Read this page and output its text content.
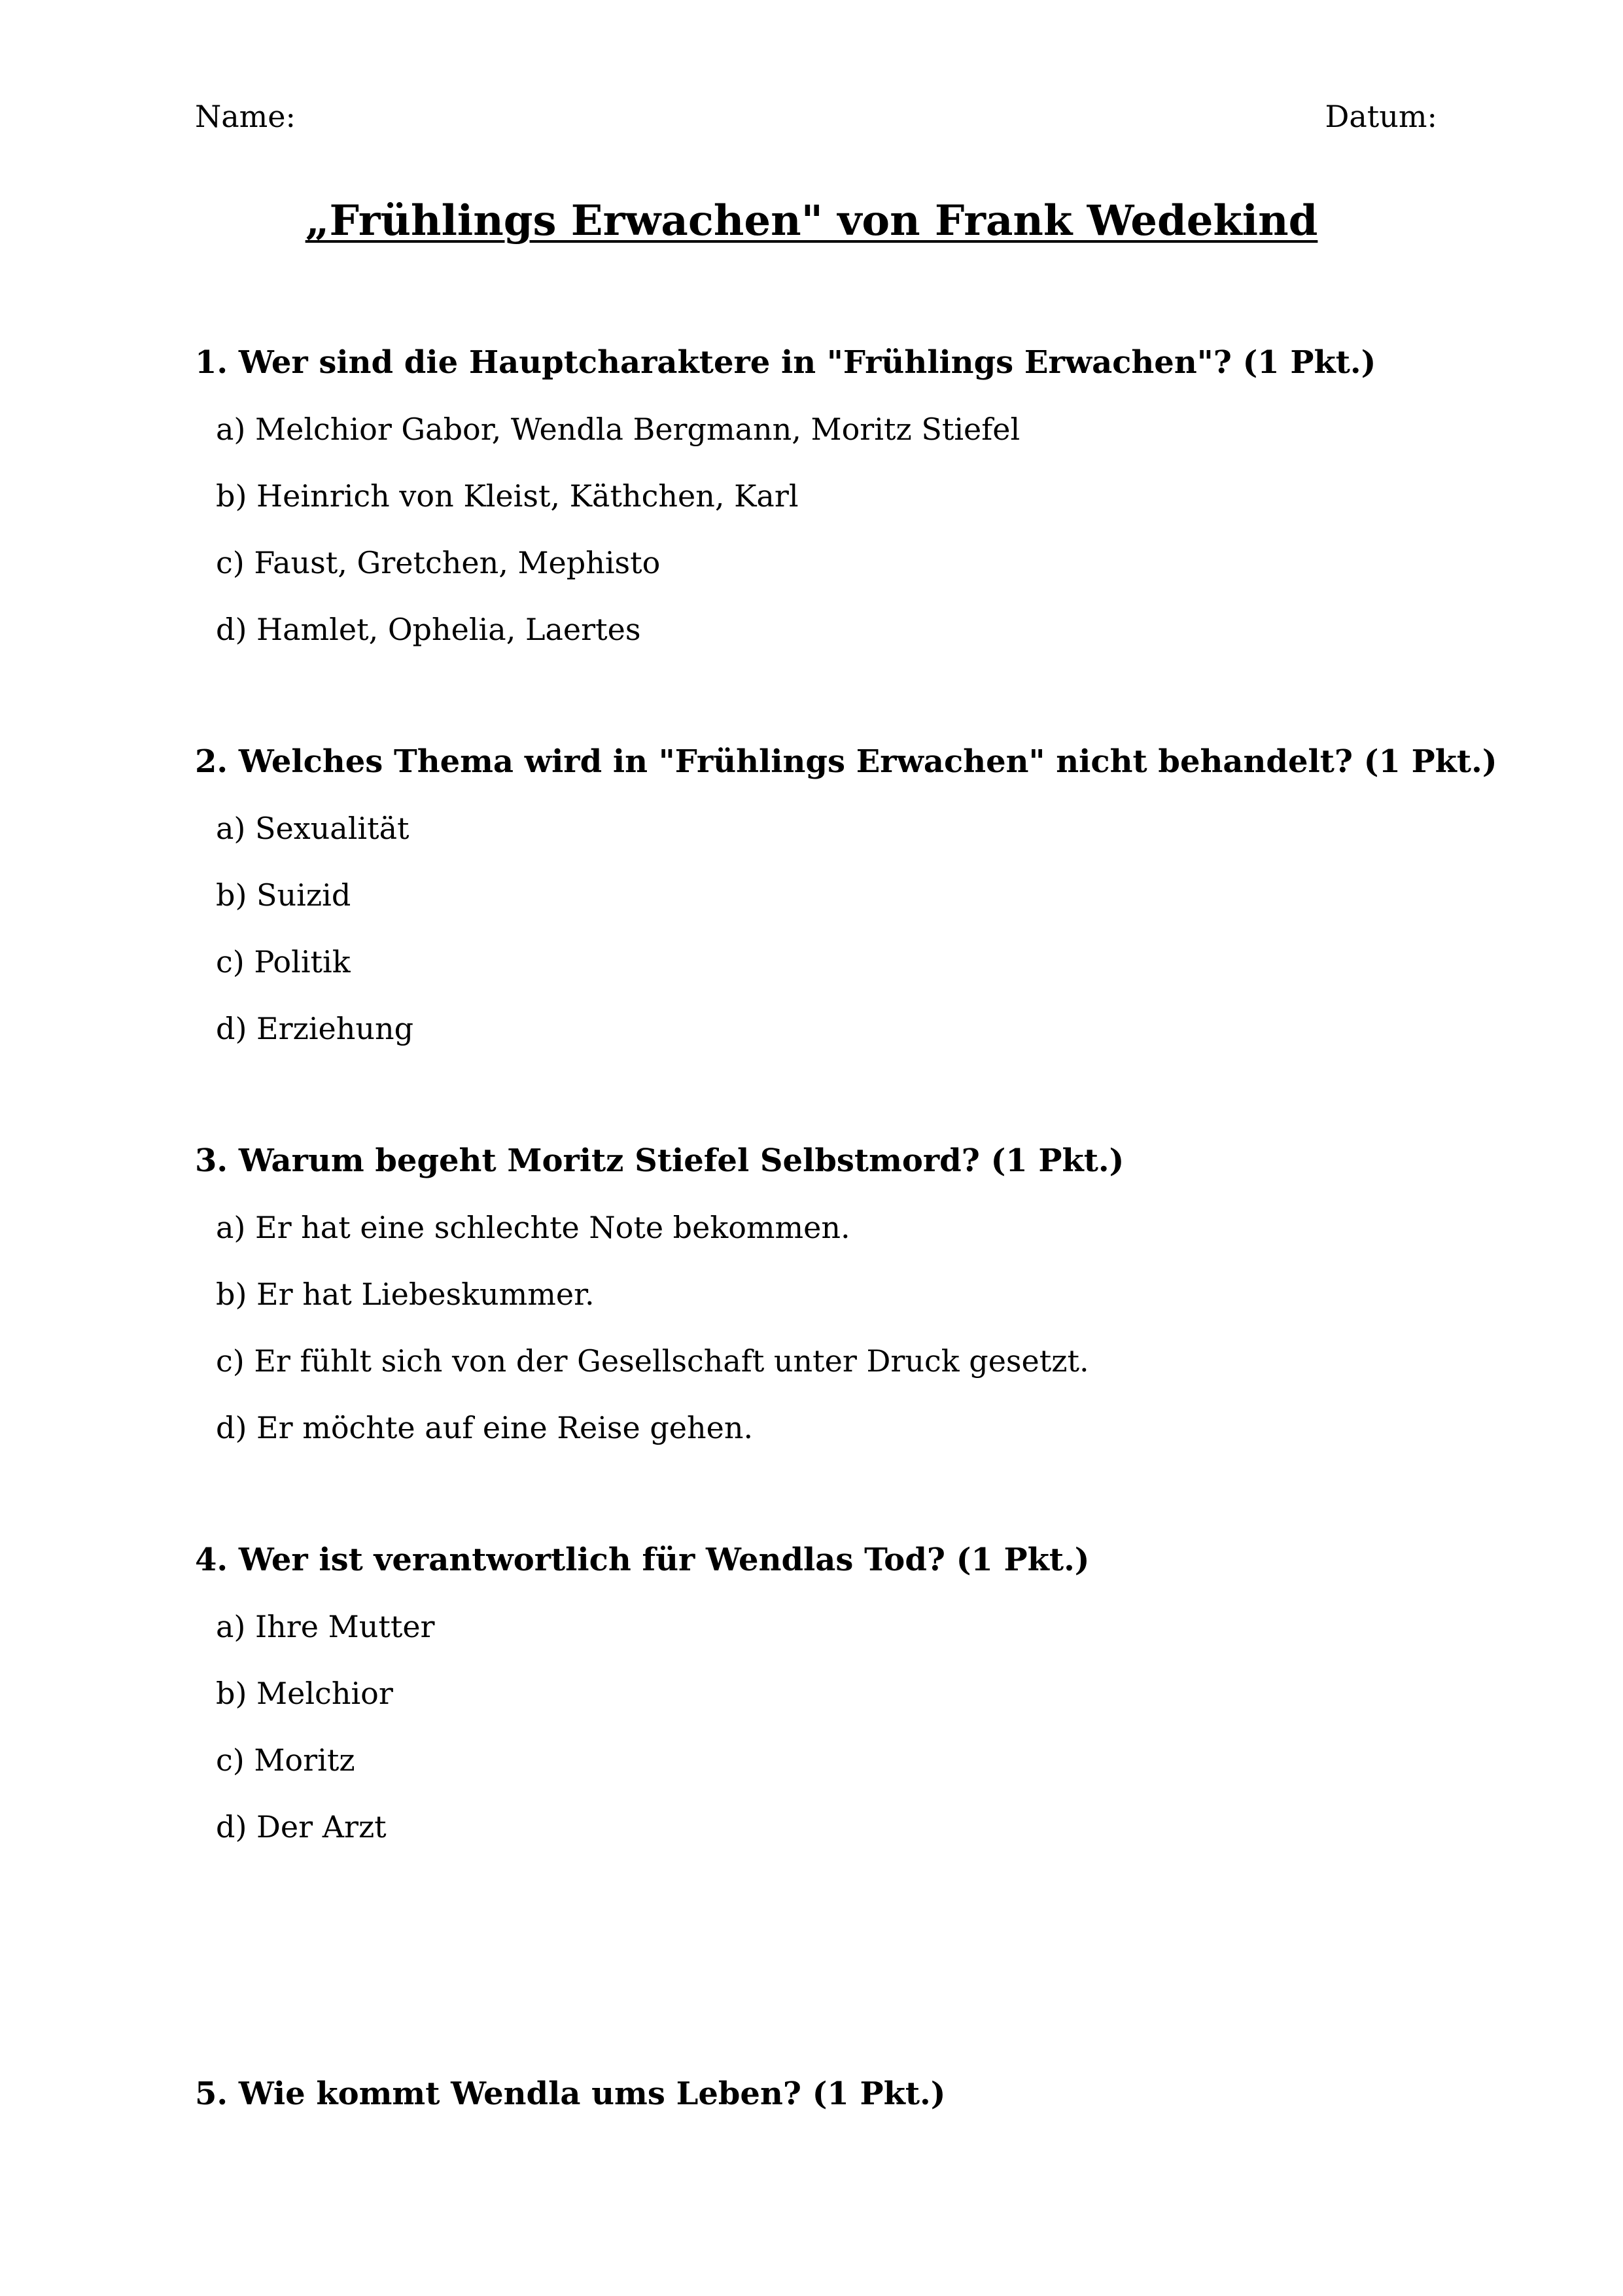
Name:	Datum:
„Frühlings Erwachen" von Frank Wedekind

1. Wer sind die Hauptcharaktere in "Frühlings Erwachen"? (1 Pkt.)

a) Melchior Gabor, Wendla Bergmann, Moritz Stiefel
b) Heinrich von Kleist, Käthchen, Karl
c) Faust, Gretchen, Mephisto
d) Hamlet, Ophelia, Laertes

2. Welches Thema wird in "Frühlings Erwachen" nicht behandelt? (1 Pkt.)

a) Sexualität
b) Suizid
c) Politik
d) Erziehung

3. Warum begeht Moritz Stiefel Selbstmord? (1 Pkt.)

a) Er hat eine schlechte Note bekommen.
b) Er hat Liebeskummer.
c) Er fühlt sich von der Gesellschaft unter Druck gesetzt.
d) Er möchte auf eine Reise gehen.

4. Wer ist verantwortlich für Wendlas Tod? (1 Pkt.)

a) Ihre Mutter
b) Melchior
c) Moritz
d) Der Arzt

5. Wie kommt Wendla ums Leben? (1 Pkt.)
